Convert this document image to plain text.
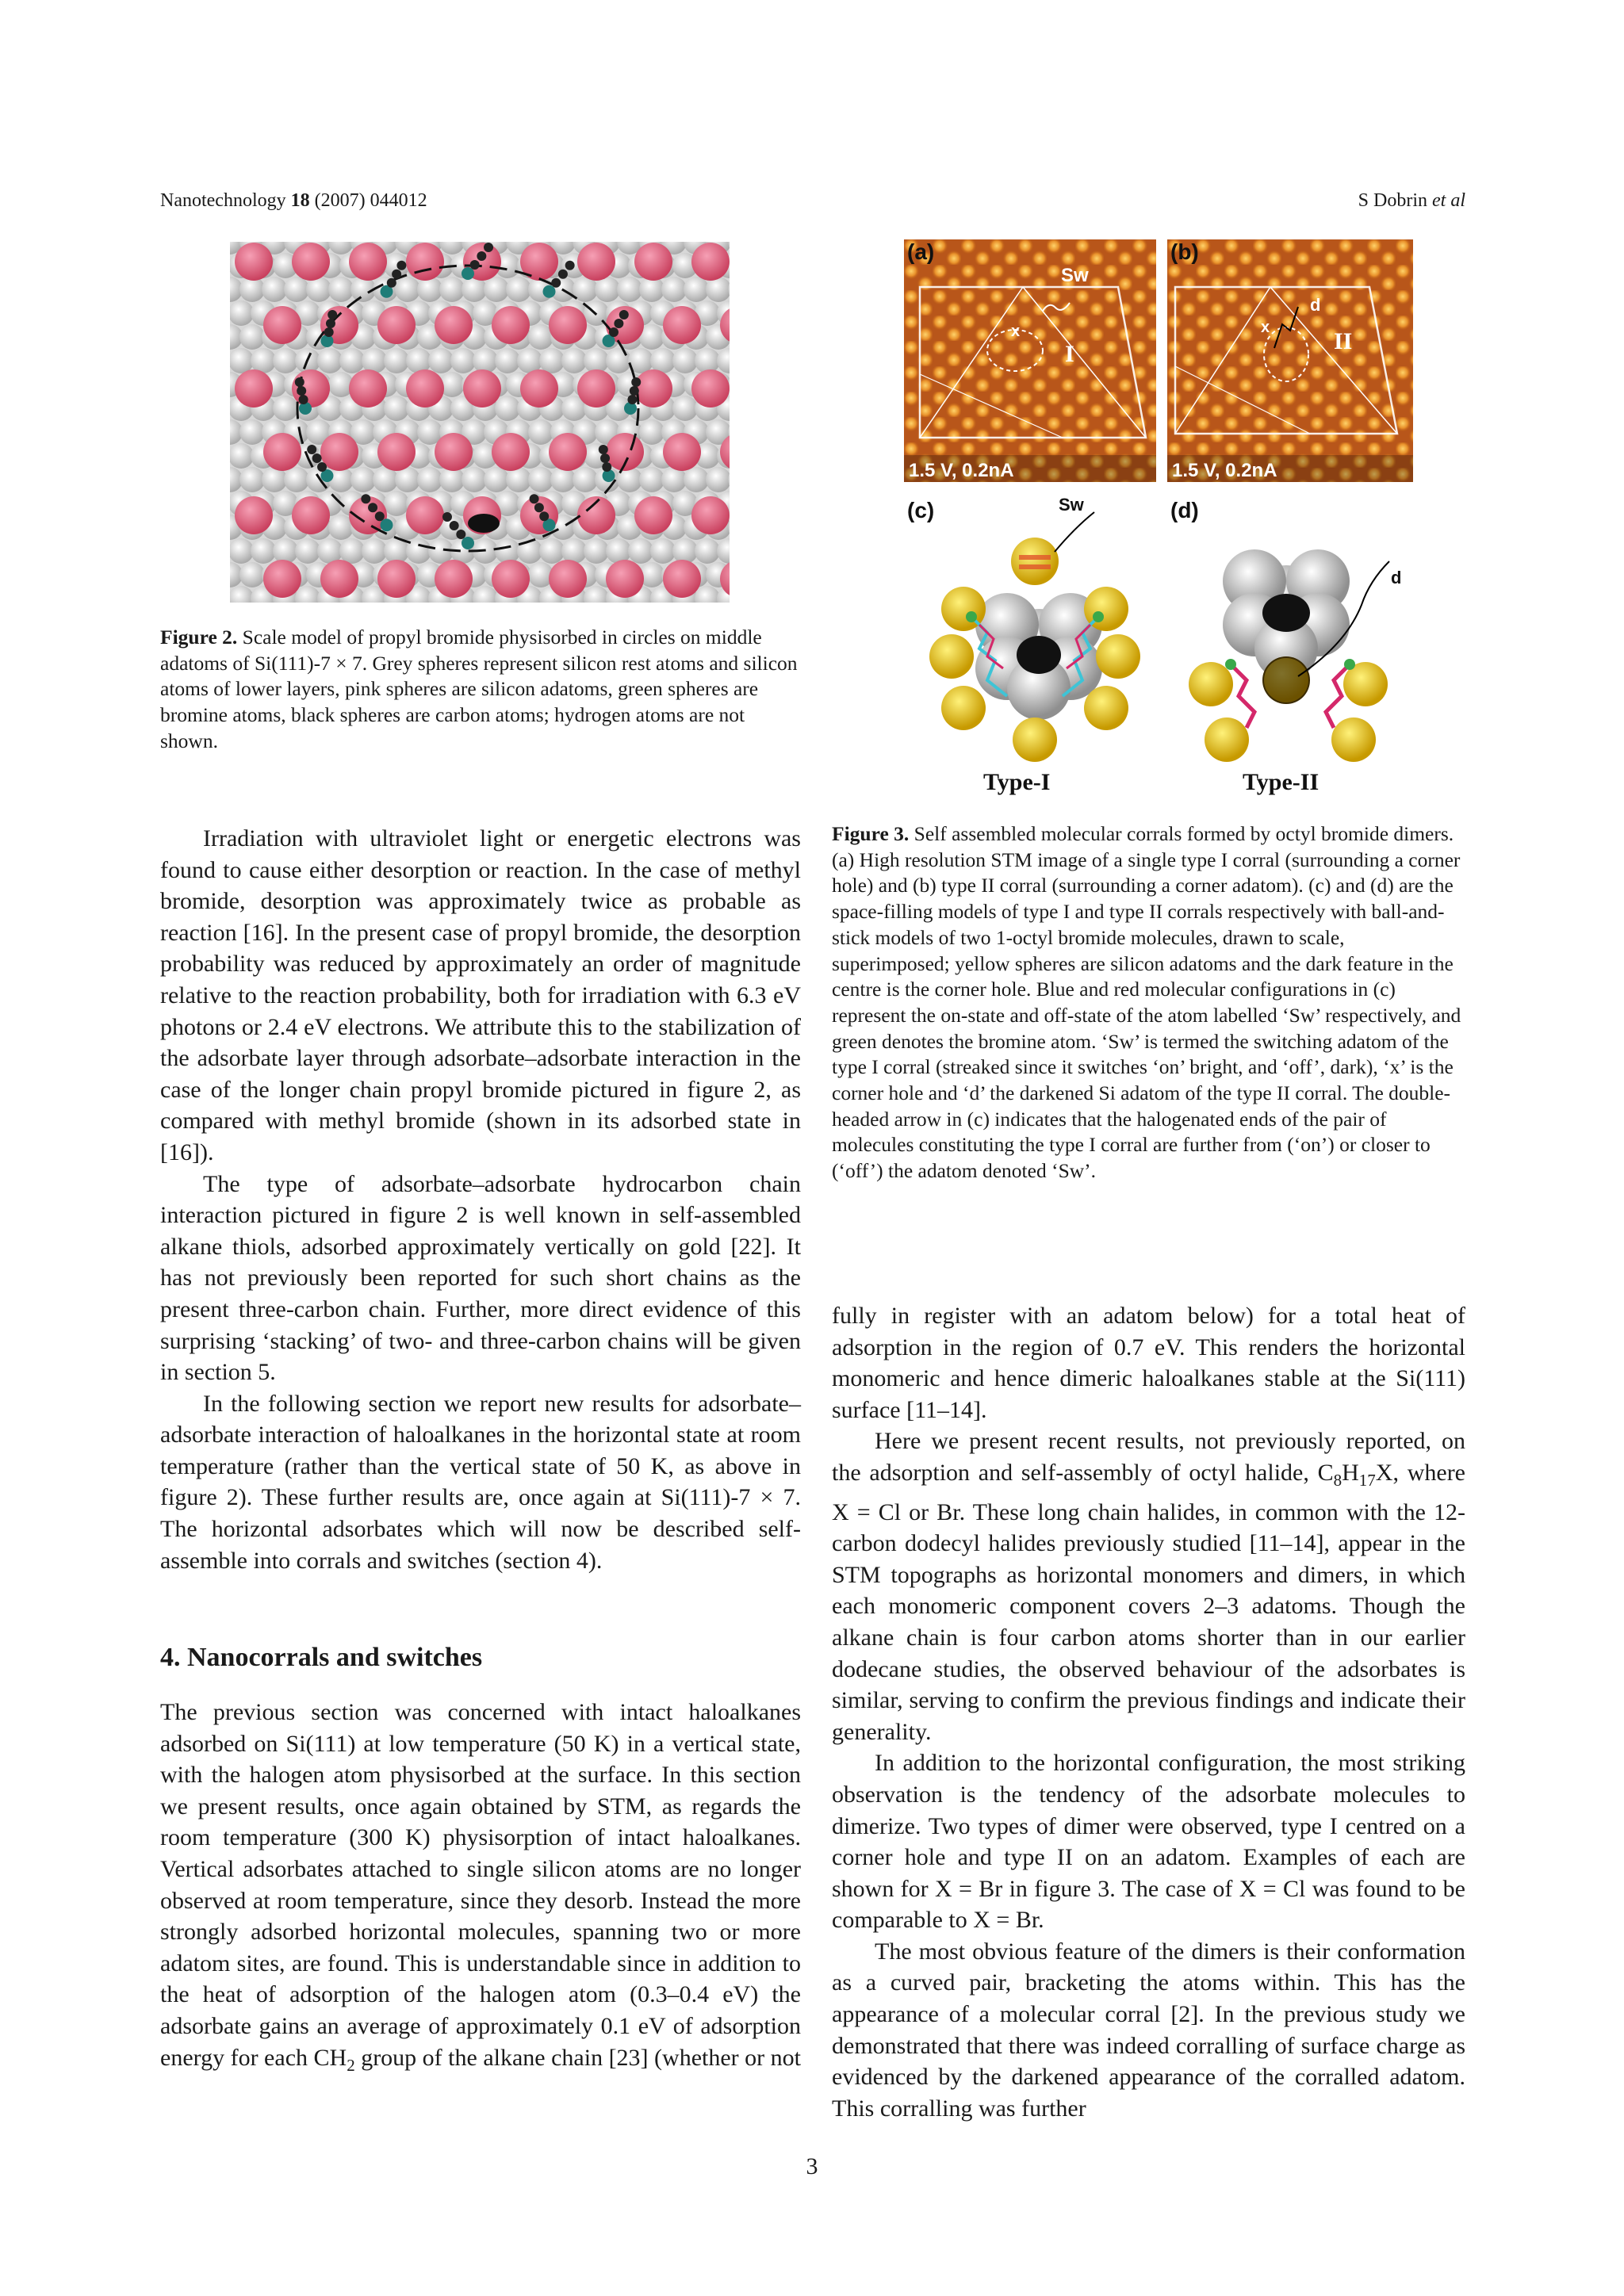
Nanotechnology 18 (2007) 044012	S Dobrin et al
Figure 2. Scale model of propyl bromide physisorbed in circles on middle adatoms of Si(111)-7 × 7. Grey spheres represent silicon rest atoms and silicon atoms of lower layers, pink spheres are silicon adatoms, green spheres are bromine atoms, black spheres are carbon atoms; hydrogen atoms are not shown.
(a)
Sw
x
I
1.5 V, 0.2nA
(b)
x
d
II
1.5 V, 0.2nA
(c)	Sw	(d)
d
Type-I	Type-II
Figure 3. Self assembled molecular corrals formed by octyl bromide dimers. (a) High resolution STM image of a single type I corral (surrounding a corner hole) and (b) type II corral (surrounding a corner adatom). (c) and (d) are the space-filling models of type I and type II corrals respectively with ball-and-stick models of two 1-octyl bromide molecules, drawn to scale, superimposed; yellow spheres are silicon adatoms and the dark feature in the centre is the corner hole. Blue and red molecular configurations in (c) represent the on-state and off-state of the atom labelled ‘Sw’ respectively, and green denotes the bromine atom. ‘Sw’ is termed the switching adatom of the type I corral (streaked since it switches ‘on’ bright, and ‘off’, dark), ‘x’ is the corner hole and ‘d’ the darkened Si adatom of the type II corral. The double-headed arrow in (c) indicates that the halogenated ends of the pair of molecules constituting the type I corral are further from (‘on’) or closer to (‘off’) the adatom denoted ‘Sw’.

Irradiation with ultraviolet light or energetic electrons was found to cause either desorption or reaction. In the case of methyl bromide, desorption was approximately twice as probable as reaction [16]. In the present case of propyl bromide, the desorption probability was reduced by approximately an order of magnitude relative to the reaction probability, both for irradiation with 6.3 eV photons or 2.4 eV electrons. We attribute this to the stabilization of the adsorbate layer through adsorbate–adsorbate interaction in the case of the longer chain propyl bromide pictured in figure 2, as compared with methyl bromide (shown in its adsorbed state in [16]).

The type of adsorbate–adsorbate hydrocarbon chain interaction pictured in figure 2 is well known in self-assembled alkane thiols, adsorbed approximately vertically on gold [22]. It has not previously been reported for such short chains as the present three-carbon chain. Further, more direct evidence of this surprising ‘stacking’ of two- and three-carbon chains will be given in section 5.

In the following section we report new results for adsorbate–adsorbate interaction of haloalkanes in the horizontal state at room temperature (rather than the vertical state of 50 K, as above in figure 2). These further results are, once again at Si(111)-7 × 7. The horizontal adsorbates which will now be described self-assemble into corrals and switches (section 4).

4. Nanocorrals and switches

The previous section was concerned with intact haloalkanes adsorbed on Si(111) at low temperature (50 K) in a vertical state, with the halogen atom physisorbed at the surface. In this section we present results, once again obtained by STM, as regards the room temperature (300 K) physisorption of intact haloalkanes. Vertical adsorbates attached to single silicon atoms are no longer observed at room temperature, since they desorb. Instead the more strongly adsorbed horizontal molecules, spanning two or more adatom sites, are found. This is understandable since in addition to the heat of adsorption of the halogen atom (0.3–0.4 eV) the adsorbate gains an average of approximately 0.1 eV of adsorption energy for each $CH_2$ group of the alkane chain [23] (whether or not

fully in register with an adatom below) for a total heat of adsorption in the region of 0.7 eV. This renders the horizontal monomeric and hence dimeric haloalkanes stable at the Si(111) surface [11–14].

Here we present recent results, not previously reported, on the adsorption and self-assembly of octyl halide, $C_8H_{17}X$, where X = Cl or Br. These long chain halides, in common with the 12-carbon dodecyl halides previously studied [11–14], appear in the STM topographs as horizontal monomers and dimers, in which each monomeric component covers 2–3 adatoms. Though the alkane chain is four carbon atoms shorter than in our earlier dodecane studies, the observed behaviour of the adsorbates is similar, serving to confirm the previous findings and indicate their generality.

In addition to the horizontal configuration, the most striking observation is the tendency of the adsorbate molecules to dimerize. Two types of dimer were observed, type I centred on a corner hole and type II on an adatom. Examples of each are shown for X = Br in figure 3. The case of X = Cl was found to be comparable to X = Br.

The most obvious feature of the dimers is their conformation as a curved pair, bracketing the atoms within. This has the appearance of a molecular corral [2]. In the previous study we demonstrated that there was indeed corralling of surface charge as evidenced by the darkened appearance of the corralled adatom. This corralling was further

3
